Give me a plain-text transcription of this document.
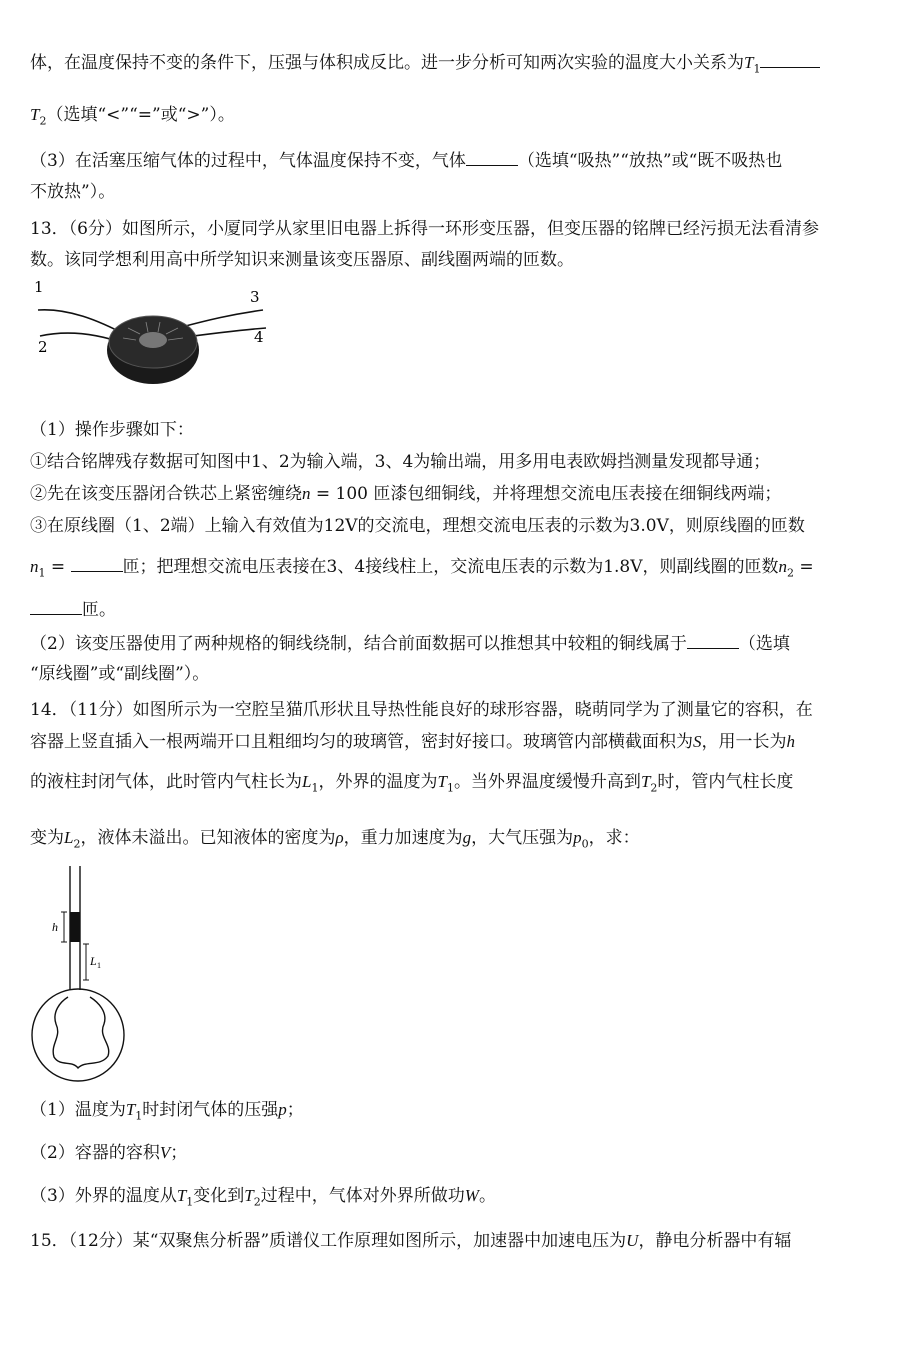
体，在温度保持不变的条件下，压强与体积成反比。进一步分析可知两次实验的温度大小关系为$T_1$
$T_2$（选填“<”“=”或“>”）。
（3）在活塞压缩气体的过程中，气体温度保持不变，气体	（选填“吸热”“放热”或“既不吸热也
不放热”）。
13．（6分）如图所示，小厦同学从家里旧电器上拆得一环形变压器，但变压器的铭牌已经污损无法看清参
数。该同学想利用高中所学知识来测量该变压器原、副线圈两端的匝数。
1
2
3
4
（1）操作步骤如下：
①结合铭牌残存数据可知图中1、2为输入端，3、4为输出端，用多用电表欧姆挡测量发现都导通；
②先在该变压器闭合铁芯上紧密缠绕n = 100 匝漆包细铜线，并将理想交流电压表接在细铜线两端；
③在原线圈（1、2端）上输入有效值为12V的交流电，理想交流电压表的示数为3.0V，则原线圈的匝数
$n_1$ =	匝；把理想交流电压表接在3、4接线柱上，交流电压表的示数为1.8V，则副线圈的匝数$n_2$ =
匝。
（2）该变压器使用了两种规格的铜线绕制，结合前面数据可以推想其中较粗的铜线属于	（选填
“原线圈”或“副线圈”）。
14．（11分）如图所示为一空腔呈猫爪形状且导热性能良好的球形容器，晓萌同学为了测量它的容积，在
容器上竖直插入一根两端开口且粗细均匀的玻璃管，密封好接口。玻璃管内部横截面积为S，用一长为h
的液柱封闭气体，此时管内气柱长为$L_1$，外界的温度为$T_1$。当外界温度缓慢升高到$T_2$时，管内气柱长度
变为$L_2$，液体未溢出。已知液体的密度为ρ，重力加速度为g，大气压强为$p_0$，求：
h
L 1
（1）温度为$T_1$时封闭气体的压强p；
（2）容器的容积V；
（3）外界的温度从$T_1$变化到$T_2$过程中，气体对外界所做功W。
15．（12分）某“双聚焦分析器”质谱仪工作原理如图所示，加速器中加速电压为U，静电分析器中有辐
